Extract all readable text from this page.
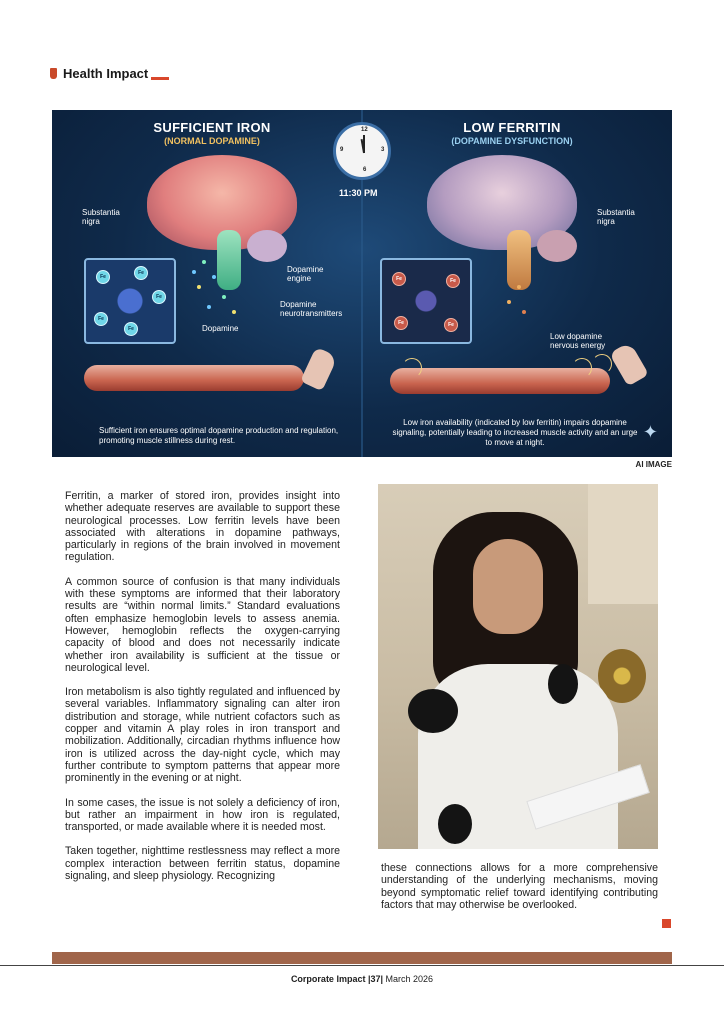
Health Impact
SUFFICIENT IRON
(NORMAL DOPAMINE)
LOW FERRITIN
(DOPAMINE DYSFUNCTION)
12
3
6
9
11:30 PM
Fe
Fe
Fe
Fe
Fe
Fe	Fe
Fe	Fe
Substantia
nigra
Dopamine
engine
Dopamine
neurotransmitters
Dopamine
Substantia
nigra
Low dopamine
nervous energy
Sufficient iron ensures optimal dopamine production and regulation, promoting muscle stillness during rest.
Low iron availability (indicated by low ferritin) impairs dopamine signaling, potentially leading to increased muscle activity and an urge to move at night.
✦
AI IMAGE

Ferritin, a marker of stored iron, provides insight into whether adequate reserves are available to support these neurological processes. Low ferritin levels have been associated with alterations in dopamine pathways, particularly in regions of the brain involved in movement regulation.

A common source of confusion is that many individuals with these symptoms are informed that their laboratory results are “within normal limits.” Standard evaluations often emphasize hemoglobin levels to assess anemia. However, hemoglobin reflects the oxygen-carrying capacity of blood and does not necessarily indicate whether iron availability is sufficient at the tissue or neurological level.

Iron metabolism is also tightly regulated and influenced by several variables. Inflammatory signaling can alter iron distribution and storage, while nutrient cofactors such as copper and vitamin A play roles in iron transport and mobilization. Additionally, circadian rhythms influence how iron is utilized across the day-night cycle, which may further contribute to symptom patterns that appear more prominently in the evening or at night.

In some cases, the issue is not solely a deficiency of iron, but rather an impairment in how iron is regulated, transported, or made available where it is needed most.

Taken together, nighttime restlessness may reflect a more complex interaction between ferritin status, dopamine signaling, and sleep physiology. Recognizing

these connections allows for a more comprehensive understanding of the underlying mechanisms, moving beyond symptomatic relief toward identifying contributing factors that may otherwise be overlooked.
Corporate Impact |37| March 2026
